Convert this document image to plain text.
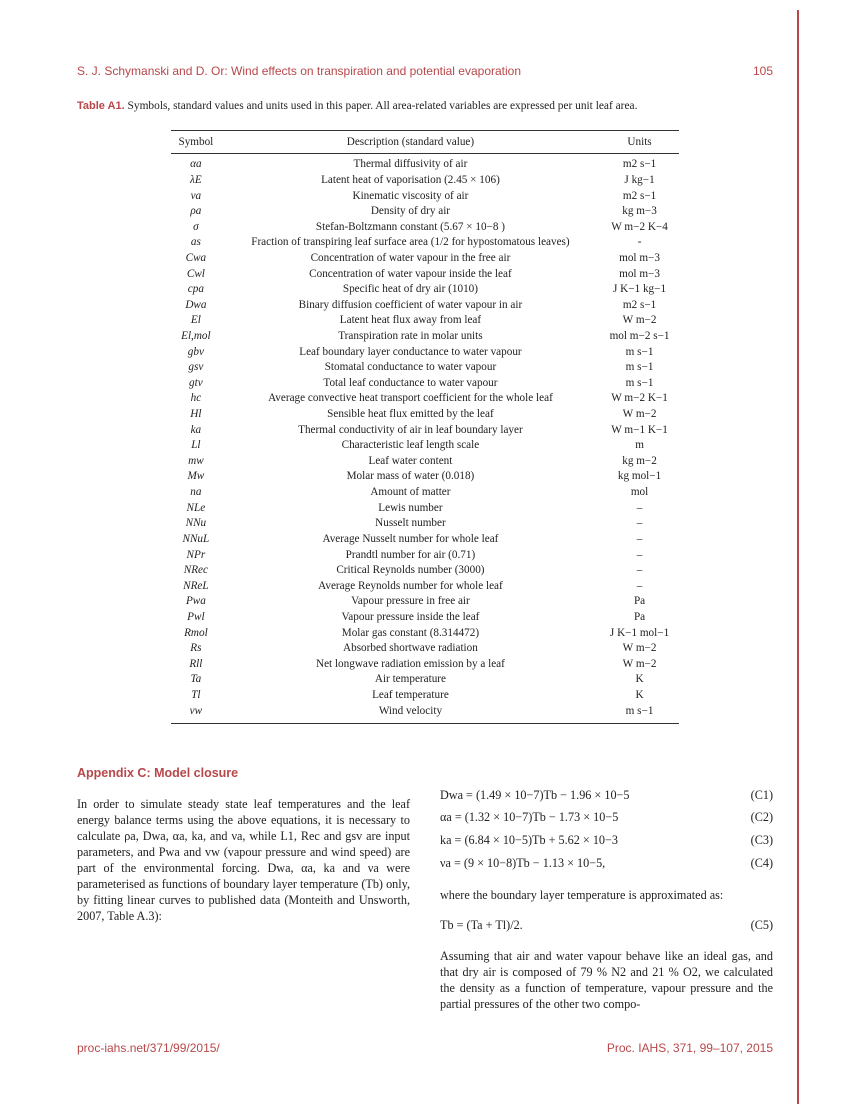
S. J. Schymanski and D. Or: Wind effects on transpiration and potential evaporation	105
Table A1. Symbols, standard values and units used in this paper. All area-related variables are expressed per unit leaf area.
Symbol	Description (standard value)	Units
αa	Thermal diffusivity of air	m2 s−1
λE	Latent heat of vaporisation (2.45 × 106)	J kg−1
νa	Kinematic viscosity of air	m2 s−1
ρa	Density of dry air	kg m−3
σ	Stefan-Boltzmann constant (5.67 × 10−8 )	W m−2 K−4
as	Fraction of transpiring leaf surface area (1/2 for hypostomatous leaves)	-
Cwa	Concentration of water vapour in the free air	mol m−3
Cwl	Concentration of water vapour inside the leaf	mol m−3
cpa	Specific heat of dry air (1010)	J K−1 kg−1
Dwa	Binary diffusion coefficient of water vapour in air	m2 s−1
El	Latent heat flux away from leaf	W m−2
El,mol	Transpiration rate in molar units	mol m−2 s−1
gbv	Leaf boundary layer conductance to water vapour	m s−1
gsv	Stomatal conductance to water vapour	m s−1
gtv	Total leaf conductance to water vapour	m s−1
hc	Average convective heat transport coefficient for the whole leaf	W m−2 K−1
Hl	Sensible heat flux emitted by the leaf	W m−2
ka	Thermal conductivity of air in leaf boundary layer	W m−1 K−1
Ll	Characteristic leaf length scale	m
mw	Leaf water content	kg m−2
Mw	Molar mass of water (0.018)	kg mol−1
na	Amount of matter	mol
NLe	Lewis number	–
NNu	Nusselt number	–
NNuL	Average Nusselt number for whole leaf	–
NPr	Prandtl number for air (0.71)	–
NRec	Critical Reynolds number (3000)	–
NReL	Average Reynolds number for whole leaf	–
Pwa	Vapour pressure in free air	Pa
Pwl	Vapour pressure inside the leaf	Pa
Rmol	Molar gas constant (8.314472)	J K−1 mol−1
Rs	Absorbed shortwave radiation	W m−2
Rll	Net longwave radiation emission by a leaf	W m−2
Ta	Air temperature	K
Tl	Leaf temperature	K
vw	Wind velocity	m s−1
Appendix C: Model closure
In order to simulate steady state leaf temperatures and the leaf energy balance terms using the above equations, it is necessary to calculate ρa, Dwa, αa, ka, and νa, while L1, Rec and gsv are input parameters, and Pwa and vw (vapour pressure and wind speed) are part of the environmental forcing. Dwa, αa, ka and νa were parameterised as functions of boundary layer temperature (Tb) only, by fitting linear curves to published data (Monteith and Unsworth, 2007, Table A.3):
Dwa = (1.49 × 10−7)Tb − 1.96 × 10−5	(C1)
αa = (1.32 × 10−7)Tb − 1.73 × 10−5	(C2)
ka = (6.84 × 10−5)Tb + 5.62 × 10−3	(C3)
νa = (9 × 10−8)Tb − 1.13 × 10−5,	(C4)
where the boundary layer temperature is approximated as:
Tb = (Ta + Tl)/2.	(C5)
Assuming that air and water vapour behave like an ideal gas, and that dry air is composed of 79 % N2 and 21 % O2, we calculated the density as a function of temperature, vapour pressure and the partial pressures of the other two compo-
proc-iahs.net/371/99/2015/	Proc. IAHS, 371, 99–107, 2015
